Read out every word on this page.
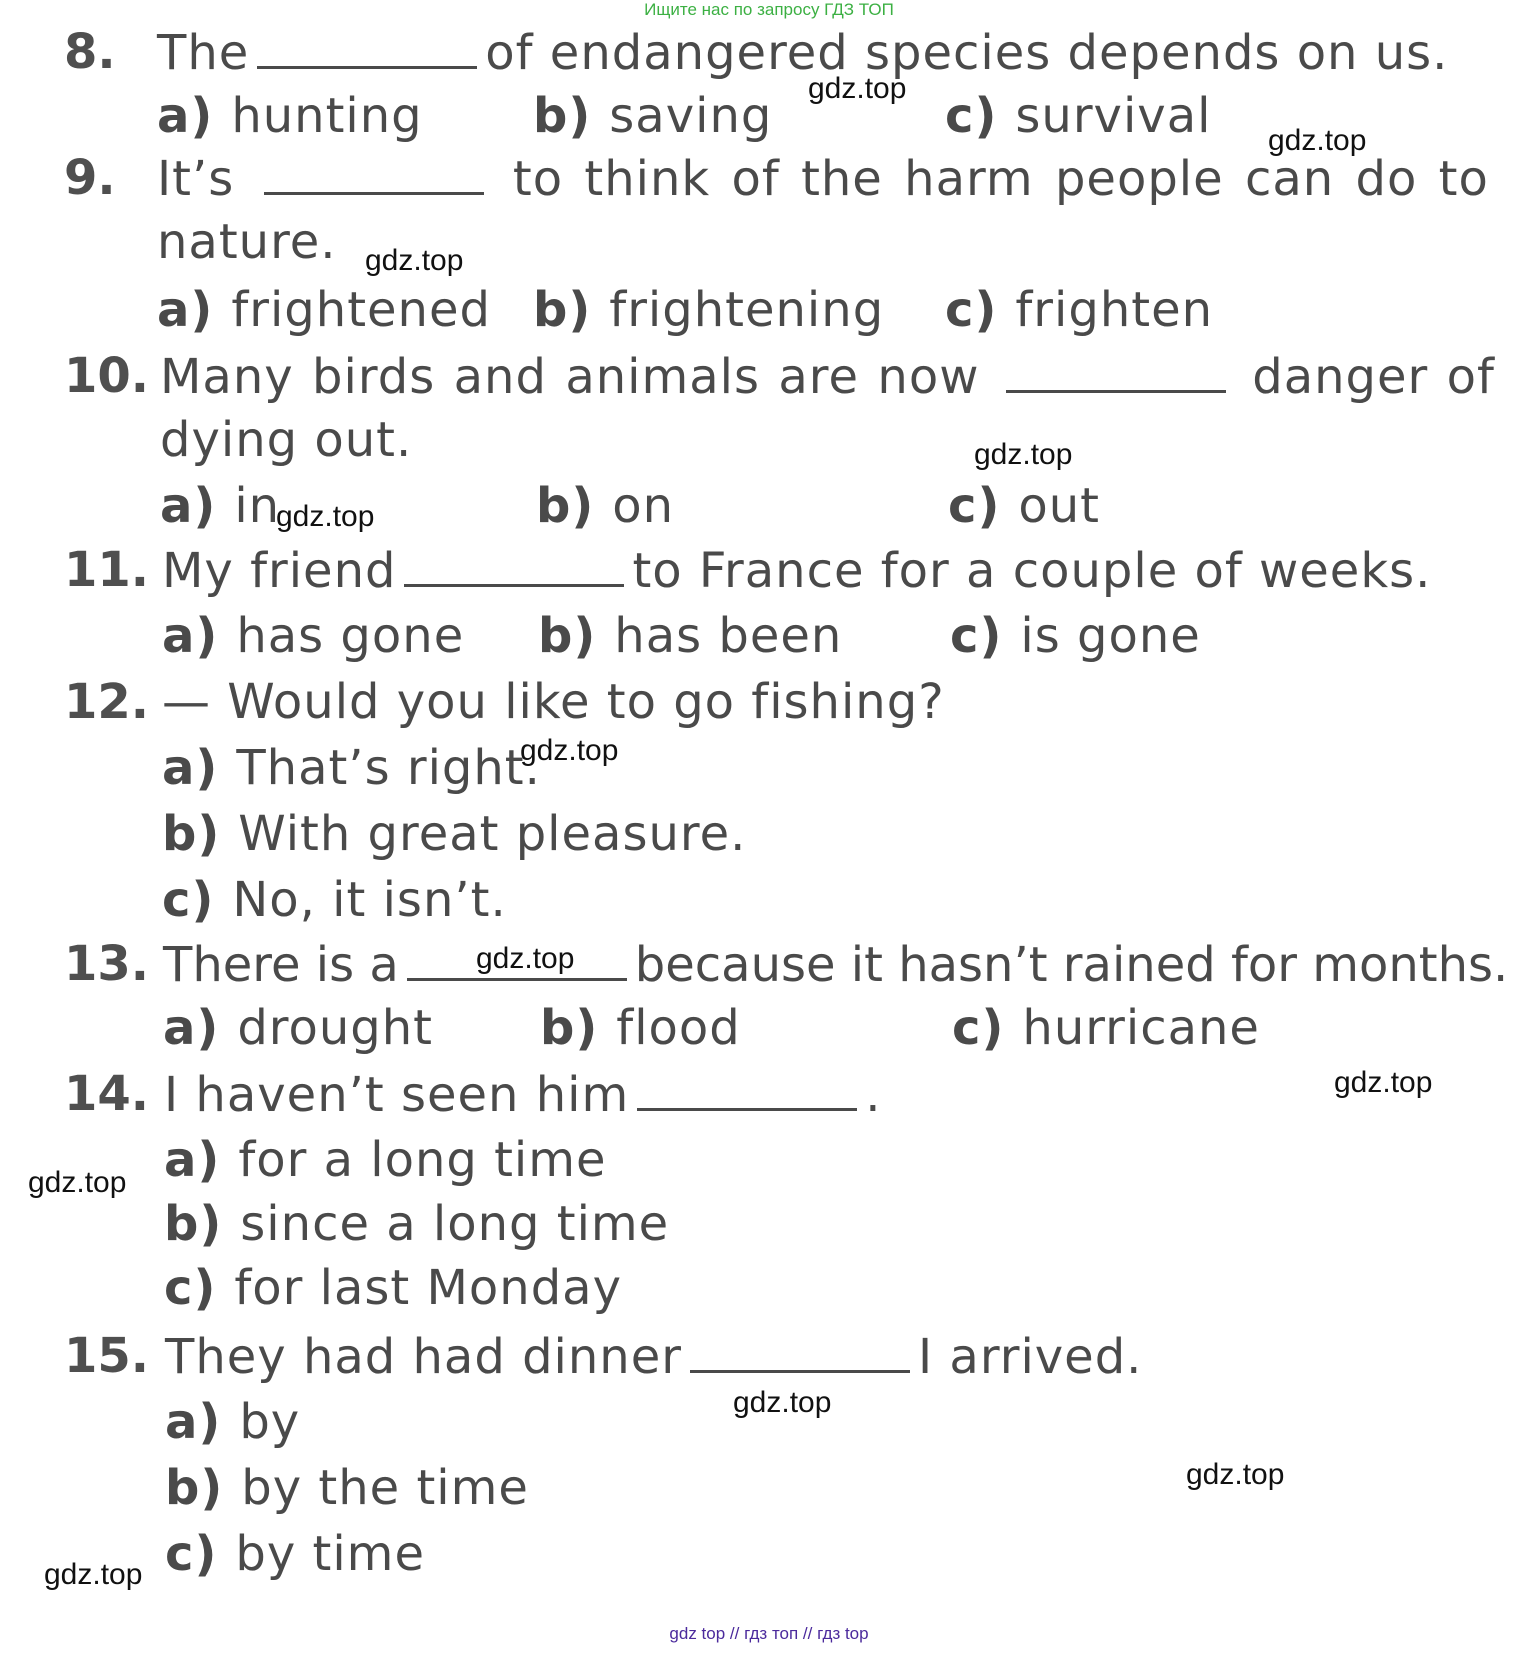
Ищите нас по запросу ГДЗ ТОП
8. The	of endangered species depends on us.
a) hunting b) saving	c) survival
9. It’s	to think of the harm people can do to
nature.
a) frightened b) frightening c) frighten
10. Many birds and animals are now	danger of
dying out.
a) in	b) on	c) out
11. My friend	to France for a couple of weeks.
a) has gone b) has been c) is gone
12. — Would you like to go fishing?
a) That’s right.
b) With great pleasure.
c) No, it isn’t.
13. There is a	because it hasn’t rained for months.
a) drought b) flood	c) hurricane
14. I haven’t seen him	.
a) for a long time
b) since a long time
c) for last Monday
15. They had had dinner	I arrived.
a) by
b) by the time
c) by time
gdz.top
gdz.top
gdz.top
gdz.top
gdz.top
gdz.top
gdz.top
gdz.top
gdz.top
gdz.top
gdz.top
gdz.top
gdz top // гдз топ // гдз top
